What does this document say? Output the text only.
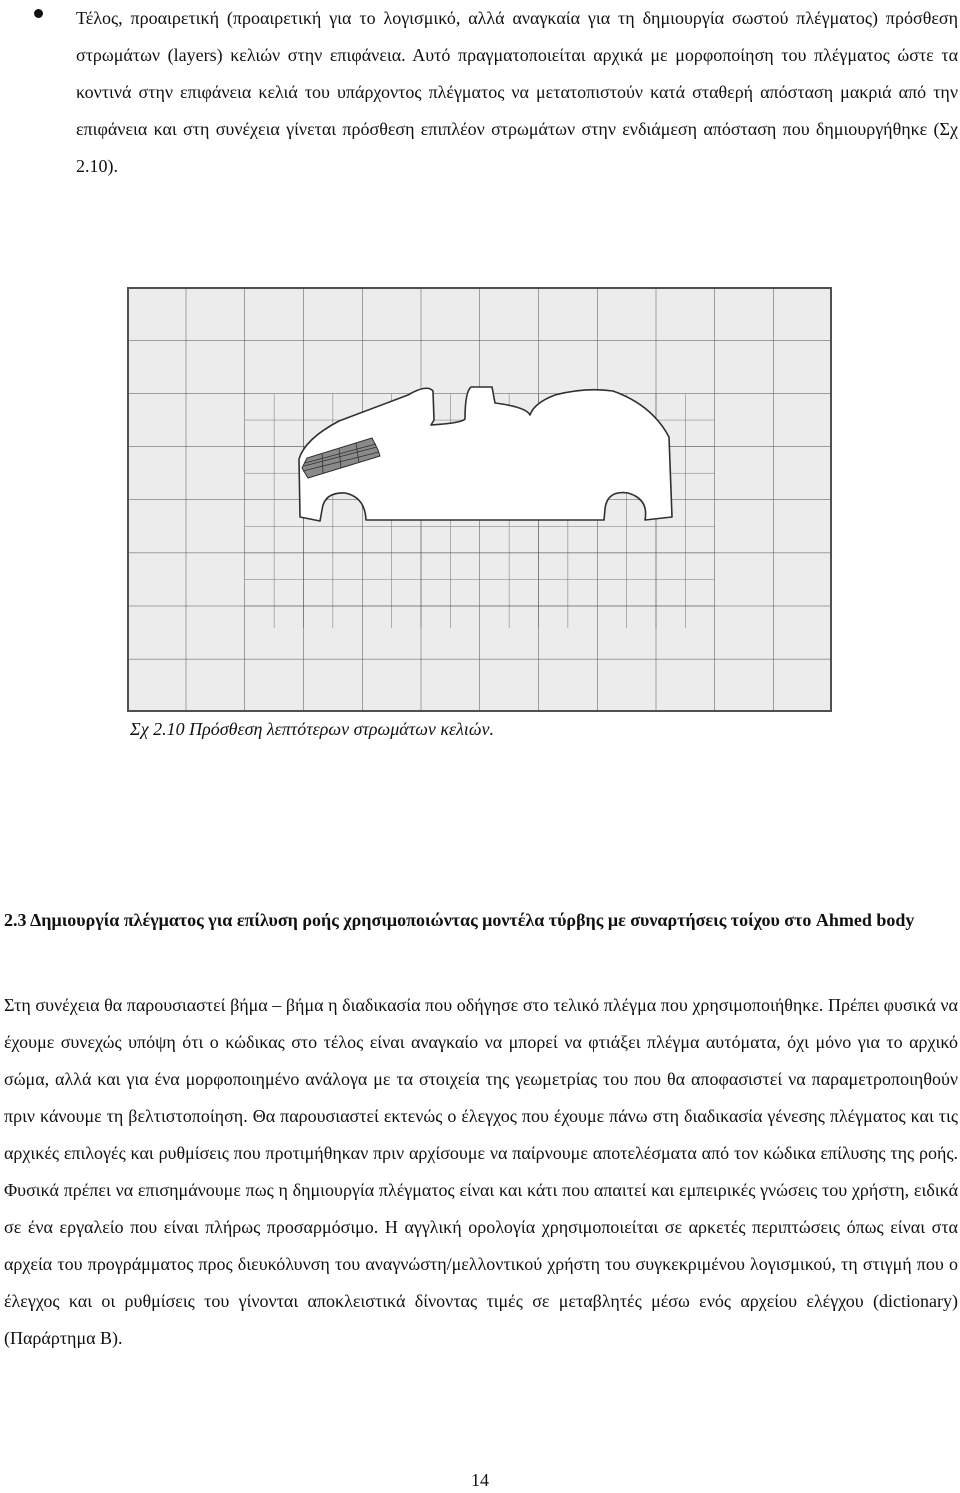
Τέλος, προαιρετική (προαιρετική για το λογισμικό, αλλά αναγκαία για τη δημιουργία σωστού πλέγματος) πρόσθεση στρωμάτων (layers) κελιών στην επιφάνεια. Αυτό πραγματοποιείται αρχικά με μορφοποίηση του πλέγματος ώστε τα κοντινά στην επιφάνεια κελιά του υπάρχοντος πλέγματος να μετατοπιστούν κατά σταθερή απόσταση μακριά από την επιφάνεια και στη συνέχεια γίνεται πρόσθεση επιπλέον στρωμάτων στην ενδιάμεση απόσταση που δημιουργήθηκε (Σχ 2.10).

Σχ 2.10 Πρόσθεση λεπτότερων στρωμάτων κελιών.

2.3 Δημιουργία πλέγματος για επίλυση ροής χρησιμοποιώντας μοντέλα τύρβης με συναρτήσεις τοίχου στο Ahmed body

Στη συνέχεια θα παρουσιαστεί βήμα – βήμα η διαδικασία που οδήγησε στο τελικό πλέγμα που χρησιμοποιήθηκε. Πρέπει φυσικά να έχουμε συνεχώς υπόψη ότι ο κώδικας στο τέλος είναι αναγκαίο να μπορεί να φτιάξει πλέγμα αυτόματα, όχι μόνο για το αρχικό σώμα, αλλά και για ένα μορφοποιημένο ανάλογα με τα στοιχεία της γεωμετρίας του που θα αποφασιστεί να παραμετροποιηθούν πριν κάνουμε τη βελτιστοποίηση. Θα παρουσιαστεί εκτενώς ο έλεγχος που έχουμε πάνω στη διαδικασία γένεσης πλέγματος και τις αρχικές επιλογές και ρυθμίσεις που προτιμήθηκαν πριν αρχίσουμε να παίρνουμε αποτελέσματα από τον κώδικα επίλυσης της ροής. Φυσικά πρέπει να επισημάνουμε πως η δημιουργία πλέγματος είναι και κάτι που απαιτεί και εμπειρικές γνώσεις του χρήστη, ειδικά σε ένα εργαλείο που είναι πλήρως προσαρμόσιμο. Η αγγλική ορολογία χρησιμοποιείται σε αρκετές περιπτώσεις όπως είναι στα αρχεία του προγράμματος προς διευκόλυνση του αναγνώστη/μελλοντικού χρήστη του συγκεκριμένου λογισμικού, τη στιγμή που ο έλεγχος και οι ρυθμίσεις του γίνονται αποκλειστικά δίνοντας τιμές σε μεταβλητές μέσω ενός αρχείου ελέγχου (dictionary) (Παράρτημα Β).

14
